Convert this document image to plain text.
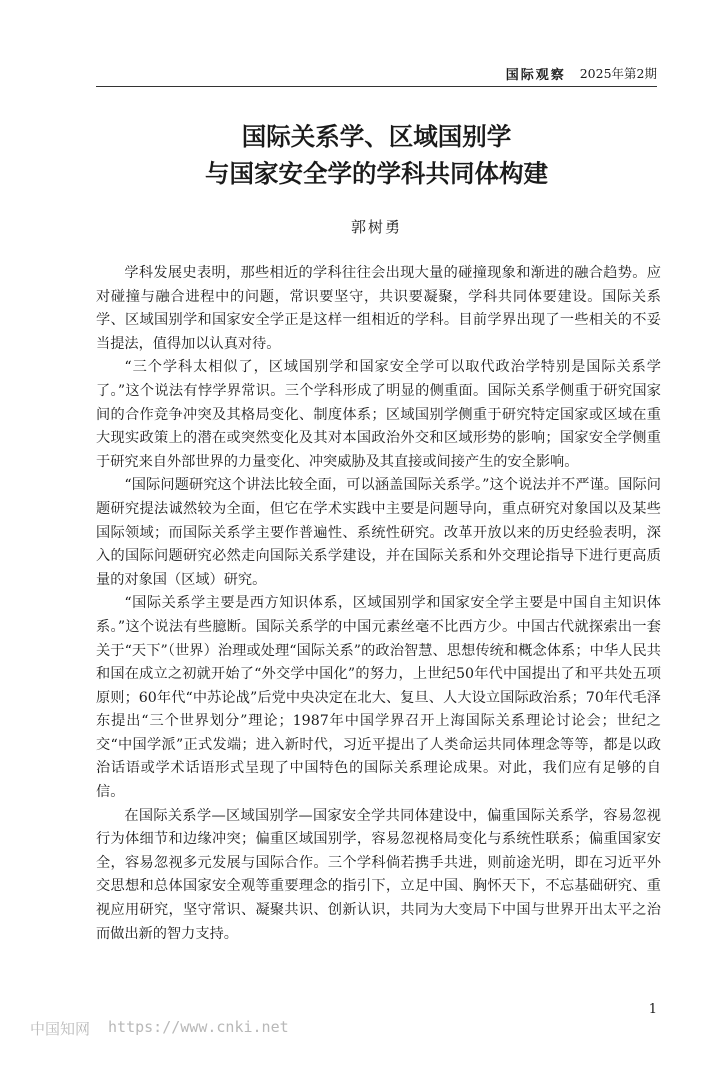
国际观察 2025年第2期
国际关系学、区域国别学
与国家安全学的学科共同体构建
郭树勇

学科发展史表明，那些相近的学科往往会出现大量的碰撞现象和渐进的融合趋势。应对碰撞与融合进程中的问题，常识要坚守，共识要凝聚，学科共同体要建设。国际关系学、区域国别学和国家安全学正是这样一组相近的学科。目前学界出现了一些相关的不妥当提法，值得加以认真对待。

“三个学科太相似了，区域国别学和国家安全学可以取代政治学特别是国际关系学了。”这个说法有悖学界常识。三个学科形成了明显的侧重面。国际关系学侧重于研究国家间的合作竞争冲突及其格局变化、制度体系；区域国别学侧重于研究特定国家或区域在重大现实政策上的潜在或突然变化及其对本国政治外交和区域形势的影响；国家安全学侧重于研究来自外部世界的力量变化、冲突威胁及其直接或间接产生的安全影响。

“国际问题研究这个讲法比较全面，可以涵盖国际关系学。”这个说法并不严谨。国际问题研究提法诚然较为全面，但它在学术实践中主要是问题导向，重点研究对象国以及某些国际领域；而国际关系学主要作普遍性、系统性研究。改革开放以来的历史经验表明，深入的国际问题研究必然走向国际关系学建设，并在国际关系和外交理论指导下进行更高质量的对象国（区域）研究。

“国际关系学主要是西方知识体系，区域国别学和国家安全学主要是中国自主知识体系。”这个说法有些臆断。国际关系学的中国元素丝毫不比西方少。中国古代就探索出一套关于“天下”（世界）治理或处理“国际关系”的政治智慧、思想传统和概念体系；中华人民共和国在成立之初就开始了“外交学中国化”的努力，上世纪50年代中国提出了和平共处五项原则；60年代“中苏论战”后党中央决定在北大、复旦、人大设立国际政治系；70年代毛泽东提出“三个世界划分”理论；1987年中国学界召开上海国际关系理论讨论会；世纪之交“中国学派”正式发端；进入新时代，习近平提出了人类命运共同体理念等等，都是以政治话语或学术话语形式呈现了中国特色的国际关系理论成果。对此，我们应有足够的自信。

在国际关系学—区域国别学—国家安全学共同体建设中，偏重国际关系学，容易忽视行为体细节和边缘冲突；偏重区域国别学，容易忽视格局变化与系统性联系；偏重国家安全，容易忽视多元发展与国际合作。三个学科倘若携手共进，则前途光明，即在习近平外交思想和总体国家安全观等重要理念的指引下，立足中国、胸怀天下，不忘基础研究、重视应用研究，坚守常识、凝聚共识、创新认识，共同为大变局下中国与世界开出太平之治而做出新的智力支持。

1
中国知网 https://www.cnki.net
